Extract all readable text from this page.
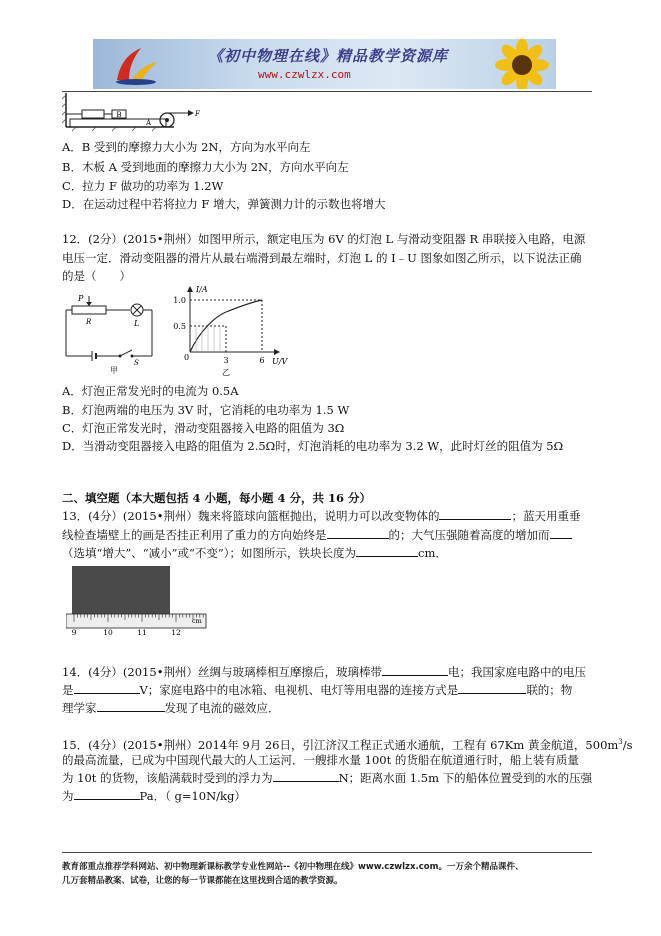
《初中物理在线》精品教学资源库
www.czwlzx.com
B
A
F
A．B 受到的摩擦力大小为 2N，方向为水平向左
B．木板 A 受到地面的摩擦力大小为 2N，方向水平向左
C．拉力 F 做功的功率为 1.2W
D．在运动过程中若将拉力 F 增大，弹簧测力计的示数也将增大
12．(2分）(2015•荆州）如图甲所示，额定电压为 6V 的灯泡 L 与滑动变阻器 R 串联接入电路，电源
电压一定．滑动变阻器的滑片从最右端滑到最左端时，灯泡 L 的 I﹣U 图象如图乙所示，以下说法正确
的是（　　）
P
R	L
S
甲
I/A
U/V
1.0
0.5
3	6
0
乙
A．灯泡正常发光时的电流为 0.5A
B．灯泡两端的电压为 3V 时，它消耗的电功率为 1.5 W
C．灯泡正常发光时，滑动变阻器接入电路的阻值为 3Ω
D．当滑动变阻器接入电路的阻值为 2.5Ω时，灯泡消耗的电功率为 3.2 W，此时灯丝的阻值为 5Ω
二、填空题（本大题包括 4 小题，每小题 4 分，共 16 分）
13．(4分）(2015•荆州）魏来将篮球向篮框抛出，说明力可以改变物体的	；蓝天用重垂
线检查墙壁上的画是否挂正利用了重力的方向始终是	的；大气压强随着高度的增加而
（选填“增大”、“减小”或“不变”）；如图所示，铁块长度为	cm．
9	10	11	12
cm
14．(4分）(2015•荆州）丝绸与玻璃棒相互摩擦后，玻璃棒带	电；我国家庭电路中的电压
是	V；家庭电路中的电冰箱、电视机、电灯等用电器的连接方式是	联的；物
理学家	发现了电流的磁效应．
15．(4分）(2015•荆州）2014年 9月 26日，引江济汉工程正式通水通航，工程有 67Km 黄金航道，$500m^3/s$
的最高流量，已成为中国现代最大的人工运河．一艘排水量 100t 的货船在航道通行时，船上装有质量
为 10t 的货物，该船满载时受到的浮力为	N；距离水面 1.5m 下的船体位置受到的水的压强
为	Pa．（ g=10N/kg）
教育部重点推荐学科网站、初中物理新课标教学专业性网站--《初中物理在线》www.czwlzx.com。一万余个精品课件、
几万套精品教案、试卷，让您的每一节课都能在这里找到合适的教学资源。
